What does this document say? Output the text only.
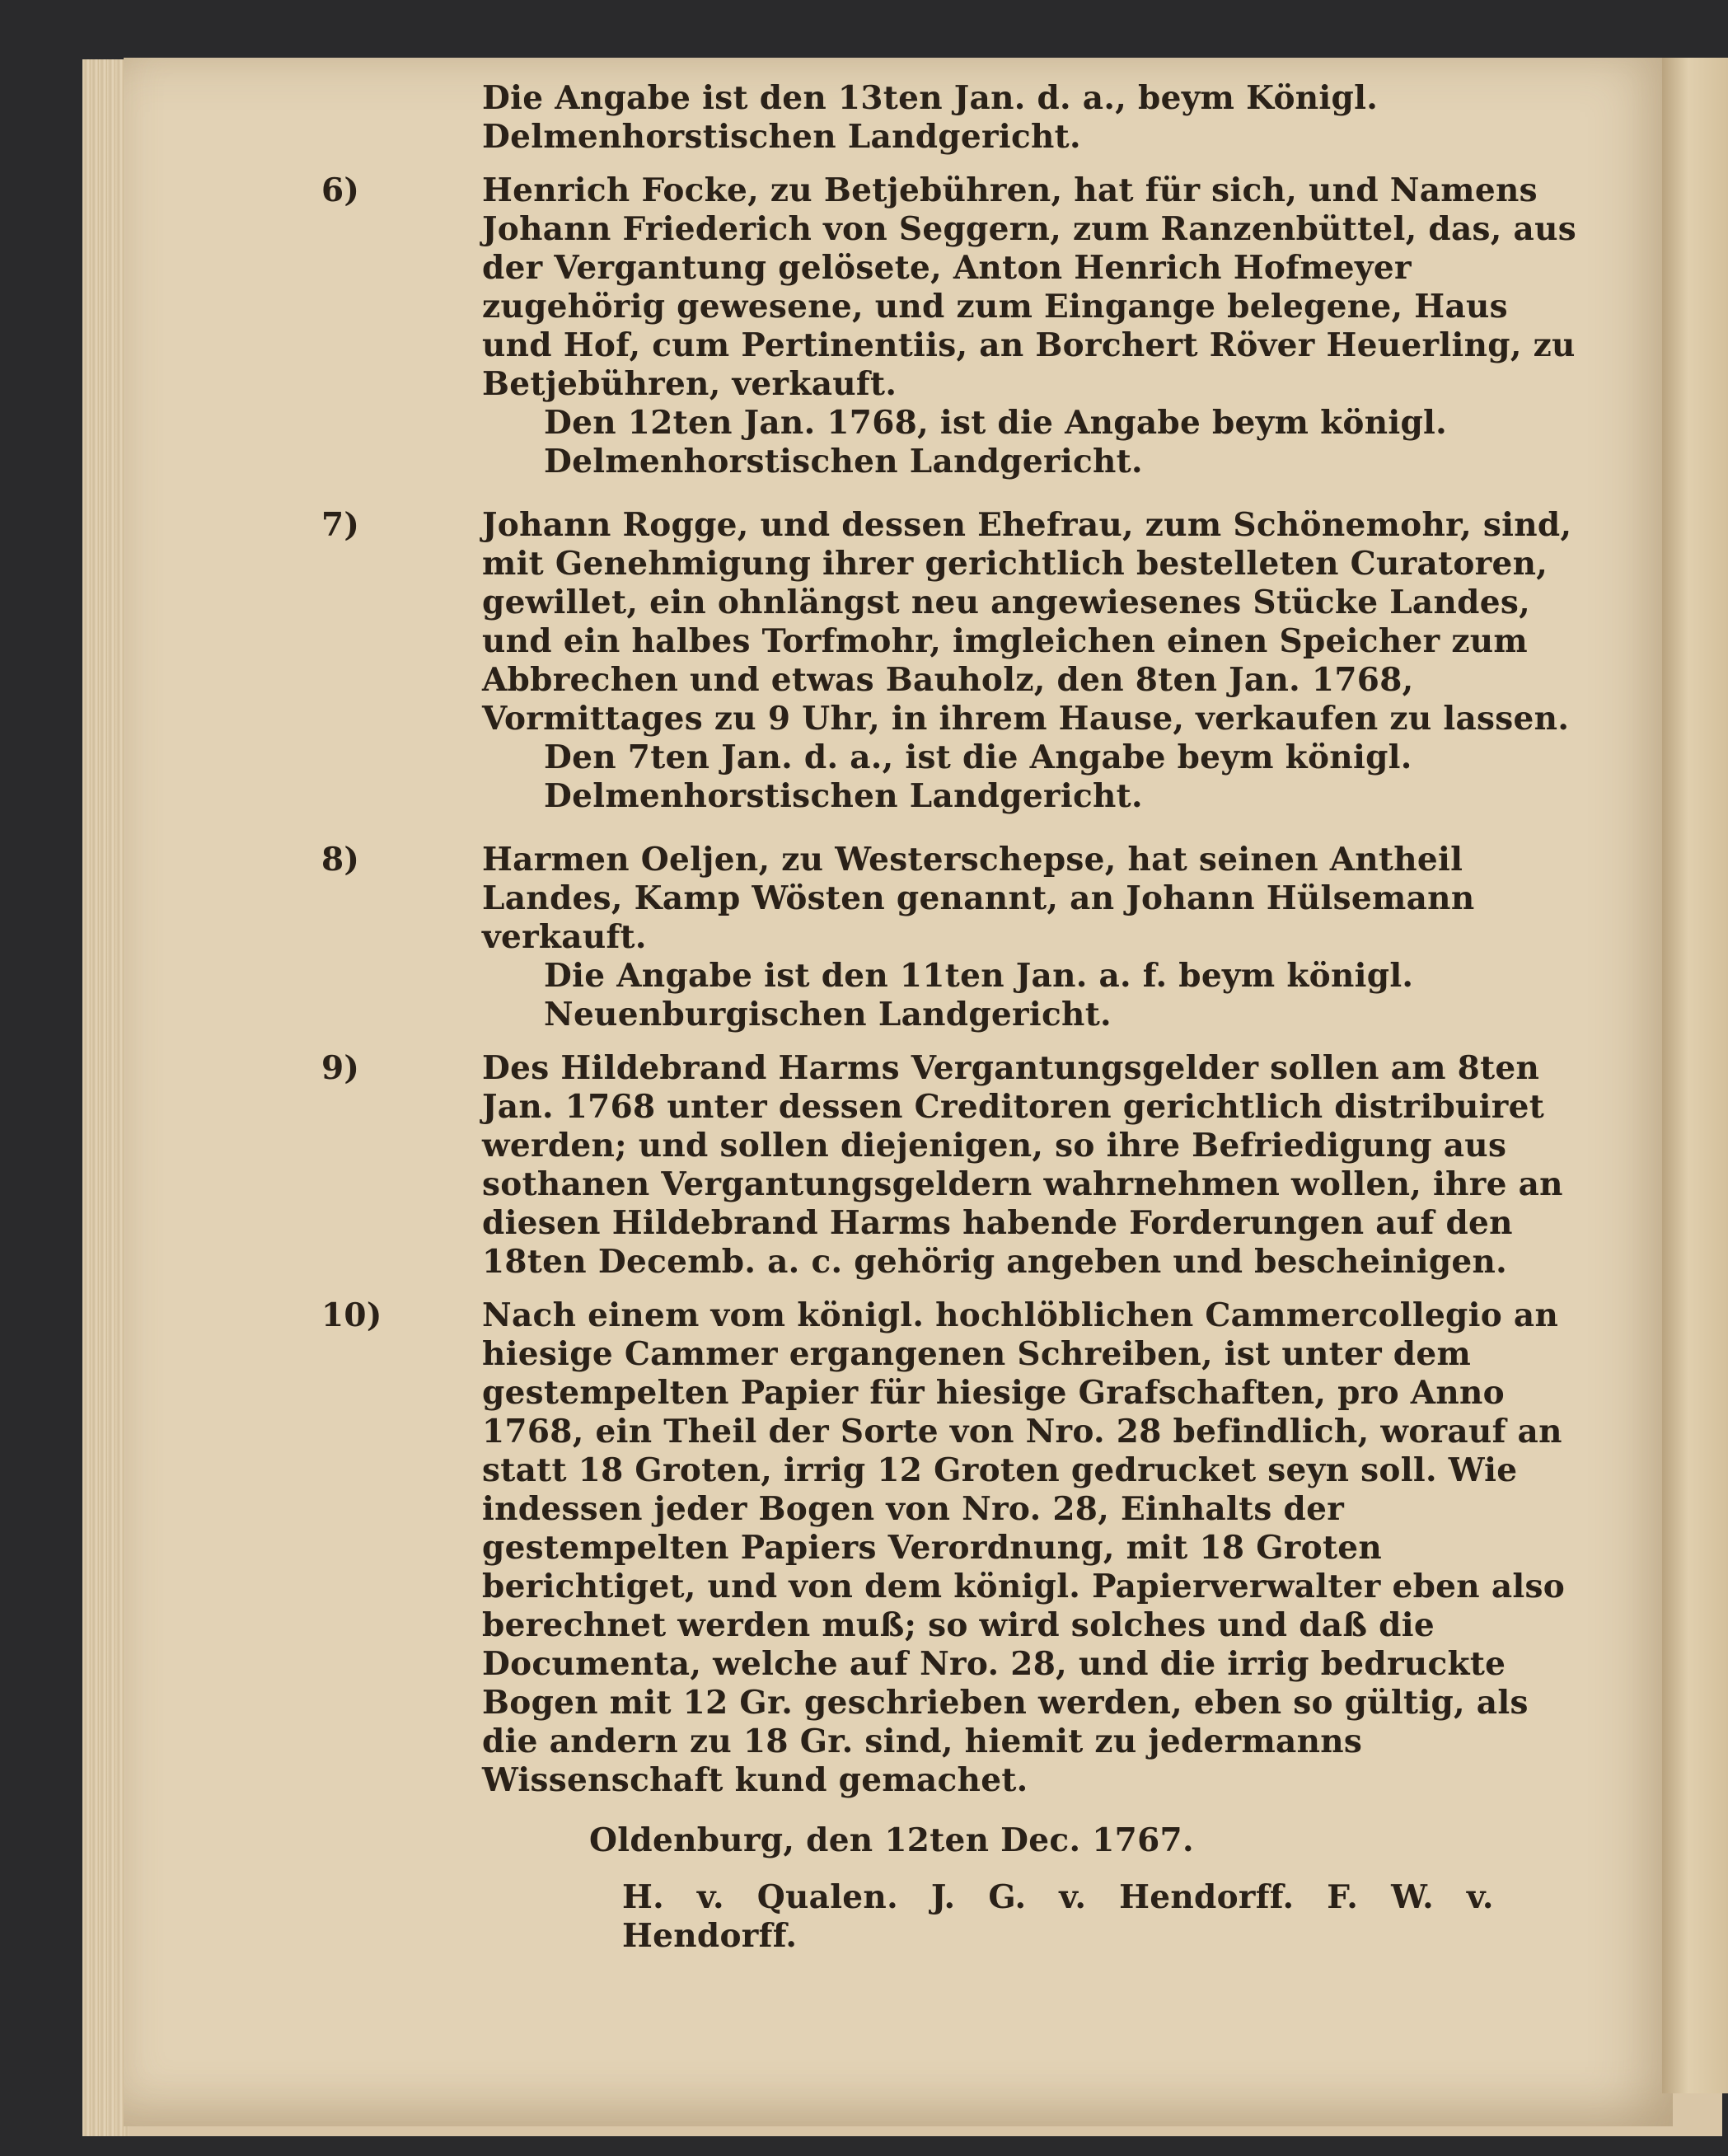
Die Angabe ist den 13ten Jan. d. a., beym Königl. Delmenhorstischen Landgericht.

6)	Henrich Focke, zu Betjebühren, hat für sich, und Namens Johann Friederich von Seggern, zum Ranzenbüttel, das, aus der Vergantung gelösete, Anton Henrich Hofmeyer zugehörig gewesene, und zum Eingange belegene, Haus und Hof, cum Pertinentiis, an Borchert Röver Heuerling, zu Betjebühren, verkauft.

Den 12ten Jan. 1768, ist die Angabe beym königl. Delmenhorstischen Landgericht.

7)	Johann Rogge, und dessen Ehefrau, zum Schönemohr, sind, mit Genehmigung ihrer gerichtlich bestelleten Curatoren, gewillet, ein ohnlängst neu angewiesenes Stücke Landes, und ein halbes Torfmohr, imgleichen einen Speicher zum Abbrechen und etwas Bauholz, den 8ten Jan. 1768, Vormittages zu 9 Uhr, in ihrem Hause, verkaufen zu lassen.

Den 7ten Jan. d. a., ist die Angabe beym königl. Delmenhorstischen Landgericht.

8)	Harmen Oeljen, zu Westerschepse, hat seinen Antheil Landes, Kamp Wösten genannt, an Johann Hülsemann verkauft.

Die Angabe ist den 11ten Jan. a. f. beym königl. Neuenburgischen Landgericht.

9)	Des Hildebrand Harms Vergantungsgelder sollen am 8ten Jan. 1768 unter dessen Creditoren gerichtlich distribuiret werden; und sollen diejenigen, so ihre Befriedigung aus sothanen Vergantungsgeldern wahrnehmen wollen, ihre an diesen Hildebrand Harms habende Forderungen auf den 18ten Decemb. a. c. gehörig angeben und bescheinigen.

10)	Nach einem vom königl. hochlöblichen Cammercollegio an hiesige Cammer ergangenen Schreiben, ist unter dem gestempelten Papier für hiesige Grafschaften, pro Anno 1768, ein Theil der Sorte von Nro. 28 befindlich, worauf an statt 18 Groten, irrig 12 Groten gedrucket seyn soll. Wie indessen jeder Bogen von Nro. 28, Einhalts der gestempelten Papiers Verordnung, mit 18 Groten berichtiget, und von dem königl. Papierverwalter eben also berechnet werden muß; so wird solches und daß die Documenta, welche auf Nro. 28, und die irrig bedruckte Bogen mit 12 Gr. geschrieben werden, eben so gültig, als die andern zu 18 Gr. sind, hiemit zu jedermanns Wissenschaft kund gemachet.

Oldenburg, den 12ten Dec. 1767.

H. v. Qualen. J. G. v. Hendorff. F. W. v. Hendorff.
